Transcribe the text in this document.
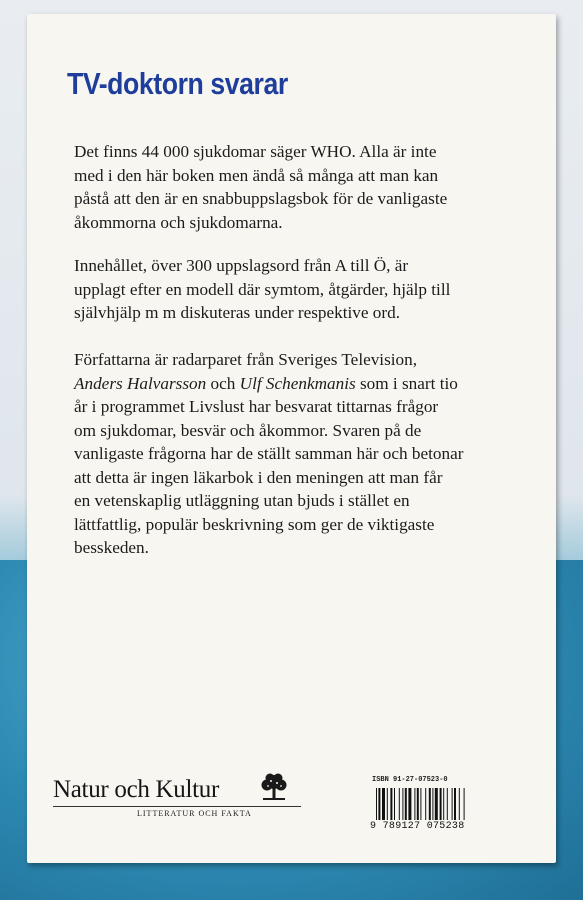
TV-doktorn svarar
Det finns 44 000 sjukdomar säger WHO. Alla är inte
med i den här boken men ändå så många att man kan
påstå att den är en snabbuppslagsbok för de vanligaste
åkommorna och sjukdomarna.
Innehållet, över 300 uppslagsord från A till Ö, är
upplagt efter en modell där symtom, åtgärder, hjälp till
självhjälp m m diskuteras under respektive ord.
Författarna är radarparet från Sveriges Television,
Anders Halvarsson och Ulf Schenkmanis som i snart tio
år i programmet Livslust har besvarat tittarnas frågor
om sjukdomar, besvär och åkommor. Svaren på de
vanligaste frågorna har de ställt samman här och betonar
att detta är ingen läkarbok i den meningen att man får
en vetenskaplig utläggning utan bjuds i stället en
lättfattlig, populär beskrivning som ger de viktigaste
besskeden.
Natur och Kultur
LITTERATUR OCH FAKTA
ISBN 91-27-07523-0
9 789127 075238
